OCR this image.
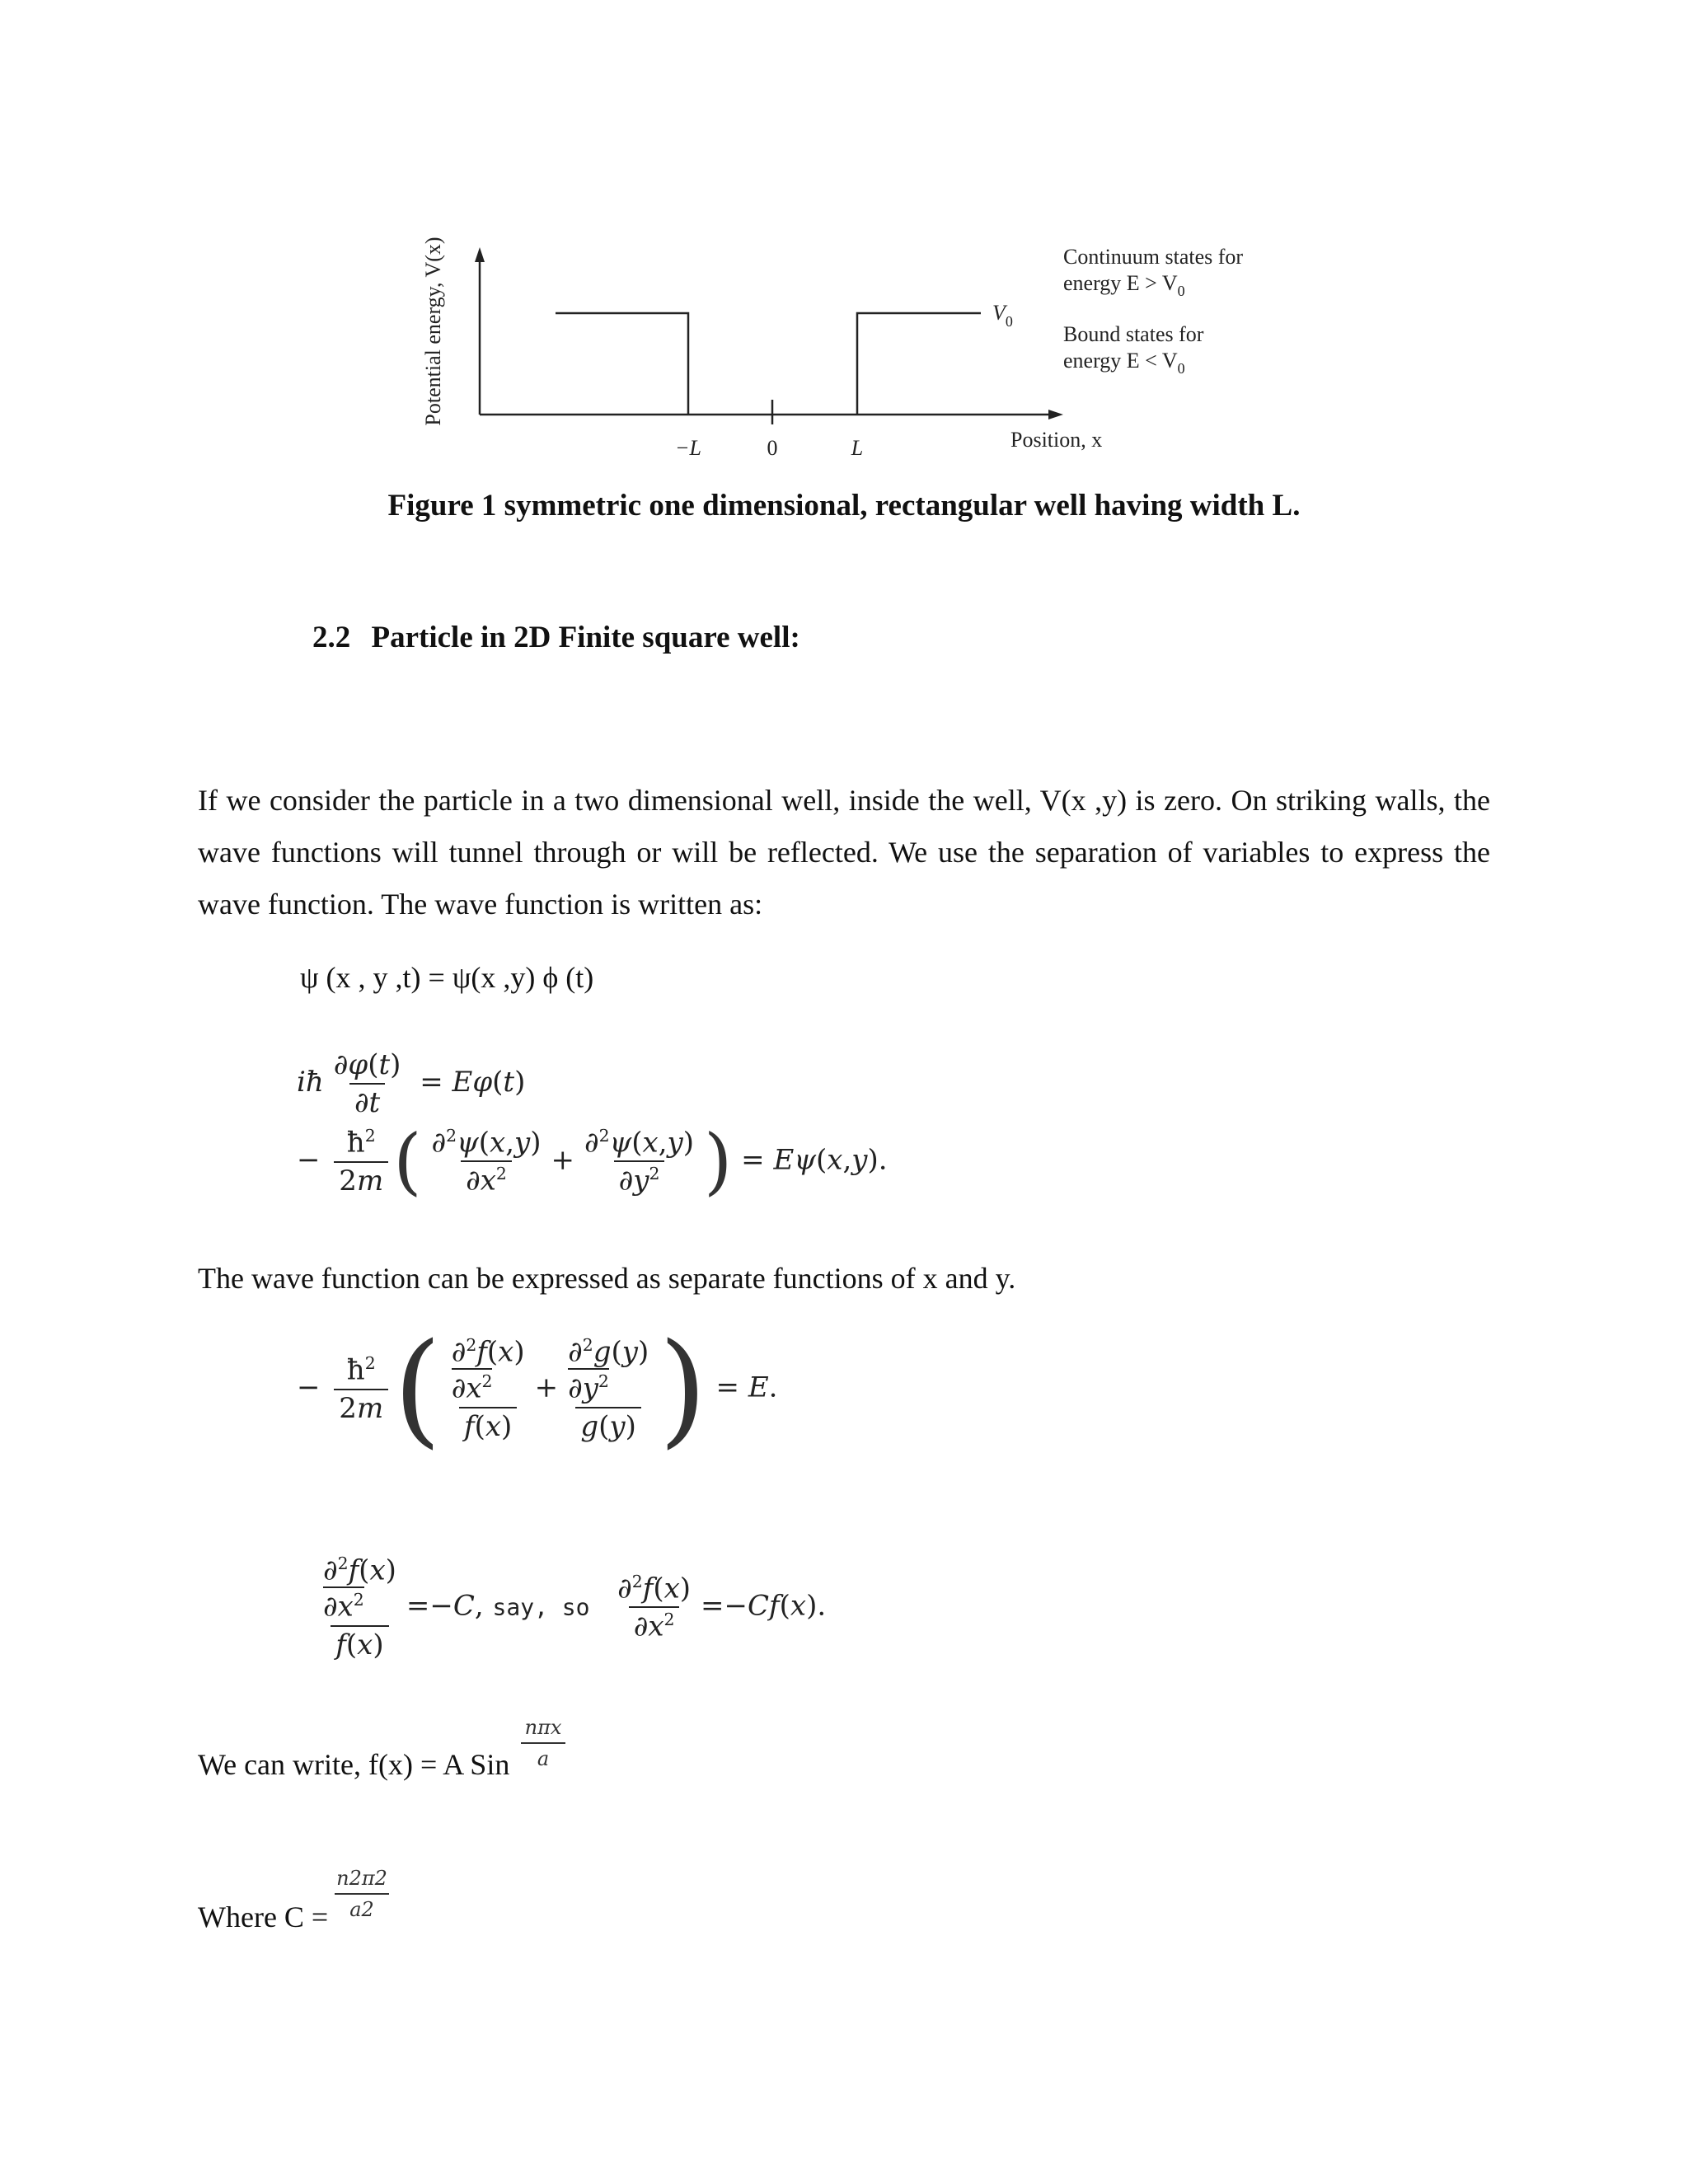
−L	0	L
$V_0$
Position, x
Potential energy, V(x)	Continuum states for
energy $E > V_0$
Bound states for
energy $E < V_0$
Figure 1 symmetric one dimensional, rectangular well having width L.
2.2 Particle in 2D Finite square well:
If we consider the particle in a two dimensional well, inside the well, V(x ,y) is zero. On striking walls, the wave functions will tunnel through or will be reflected. We use the separation of variables to express the wave function. The wave function is written as:
ψ (x , y ,t) = ψ(x ,y) ϕ (t)
iħ $\frac{\partial\varphi(t)}{\partial t} = E\varphi(t)$
− $\frac{ħ^2}{2m}$ ( $\frac{\partial^2\psi(x,y)}{\partial x^2} + \frac{\partial^2\psi(x,y)}{\partial y^2}$ ) = Eψ(x,y).
The wave function can be expressed as separate functions of x and y.
− $\frac{ħ^2}{2m}$ ( ∂$^2$f(x)
$\partial x^2$
f(x)
+
∂$^2$g(y)
$\partial y^2$
g(y) ) = E.
∂$^2$f(x)
$\partial x^2$
f(x)
=−C, say, so $\frac{\partial^2f(x)}{\partial x^2} =-Cf(x)$.
We can write, f(x) = A Sin
nπx
a
Where C =
n2π2
a2
